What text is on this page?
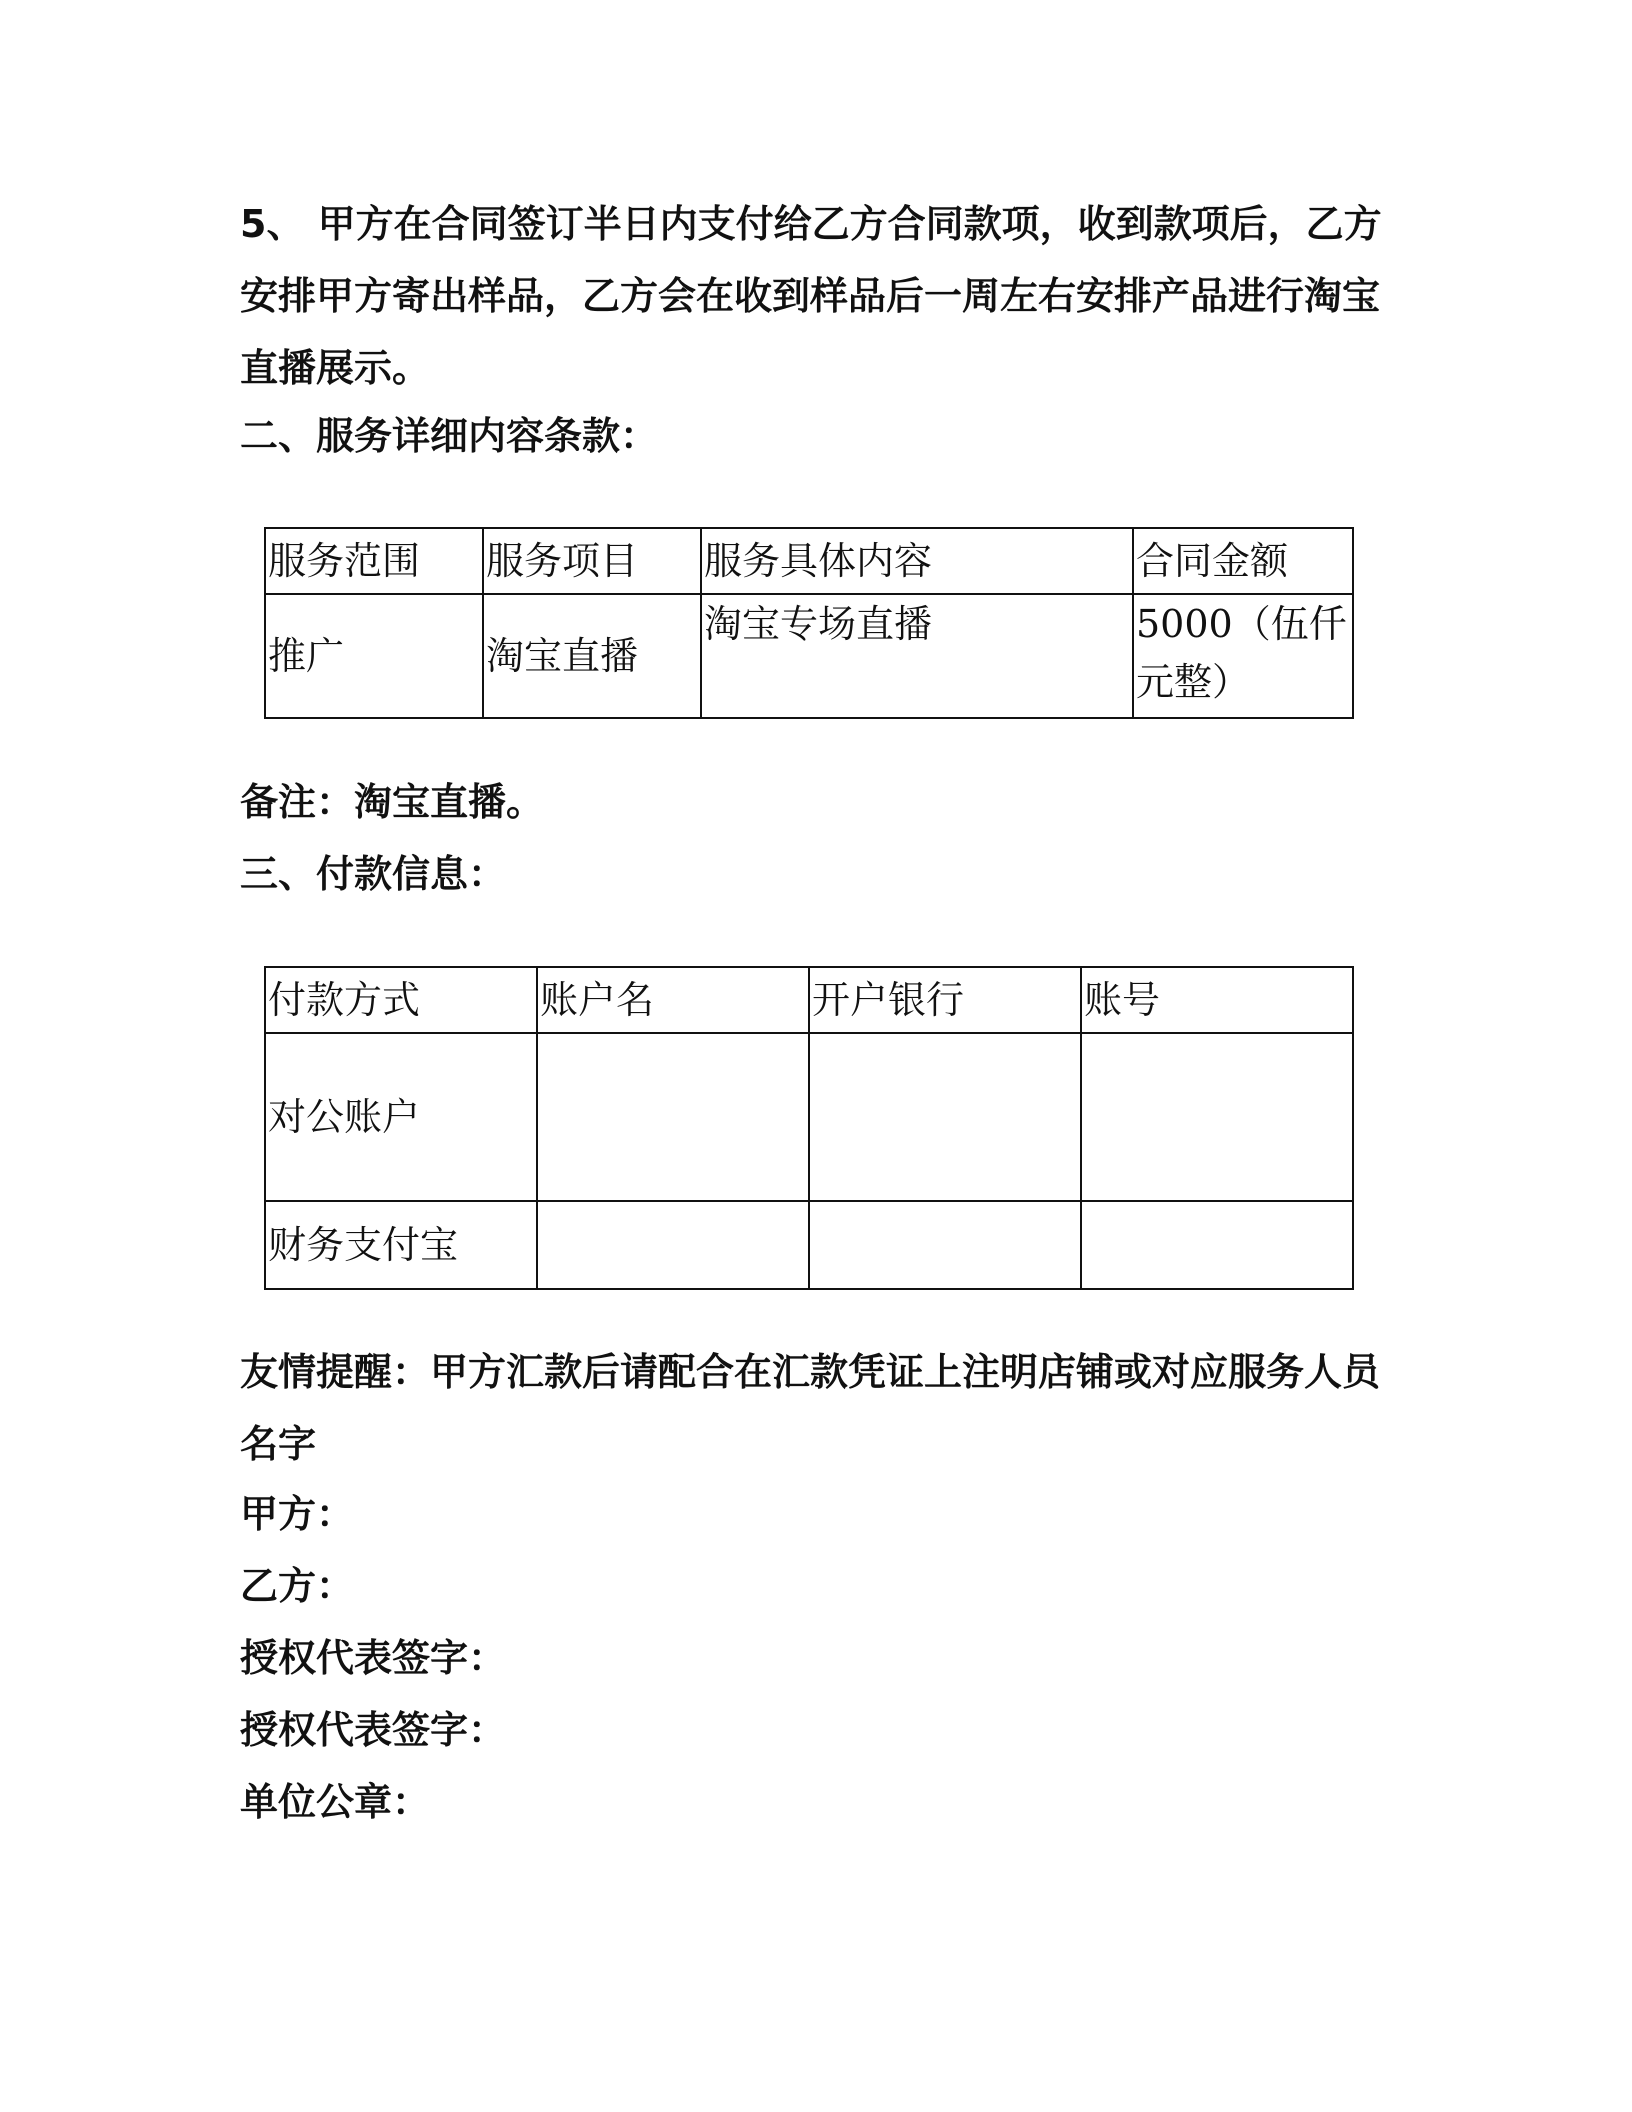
5、 甲方在合同签订半日内支付给乙方合同款项，收到款项后，乙方安排甲方寄出样品，乙方会在收到样品后一周左右安排产品进行淘宝直播展示。

二、服务详细内容条款：

服务范围	服务项目	服务具体内容	合同金额
推广	淘宝直播	淘宝专场直播	5000（伍仟元整）

备注：淘宝直播。

三、付款信息：

付款方式	账户名	开户银行	账号
对公账户			
财务支付宝			

友情提醒：甲方汇款后请配合在汇款凭证上注明店铺或对应服务人员名字

甲方：

乙方：

授权代表签字：

授权代表签字：

单位公章：
